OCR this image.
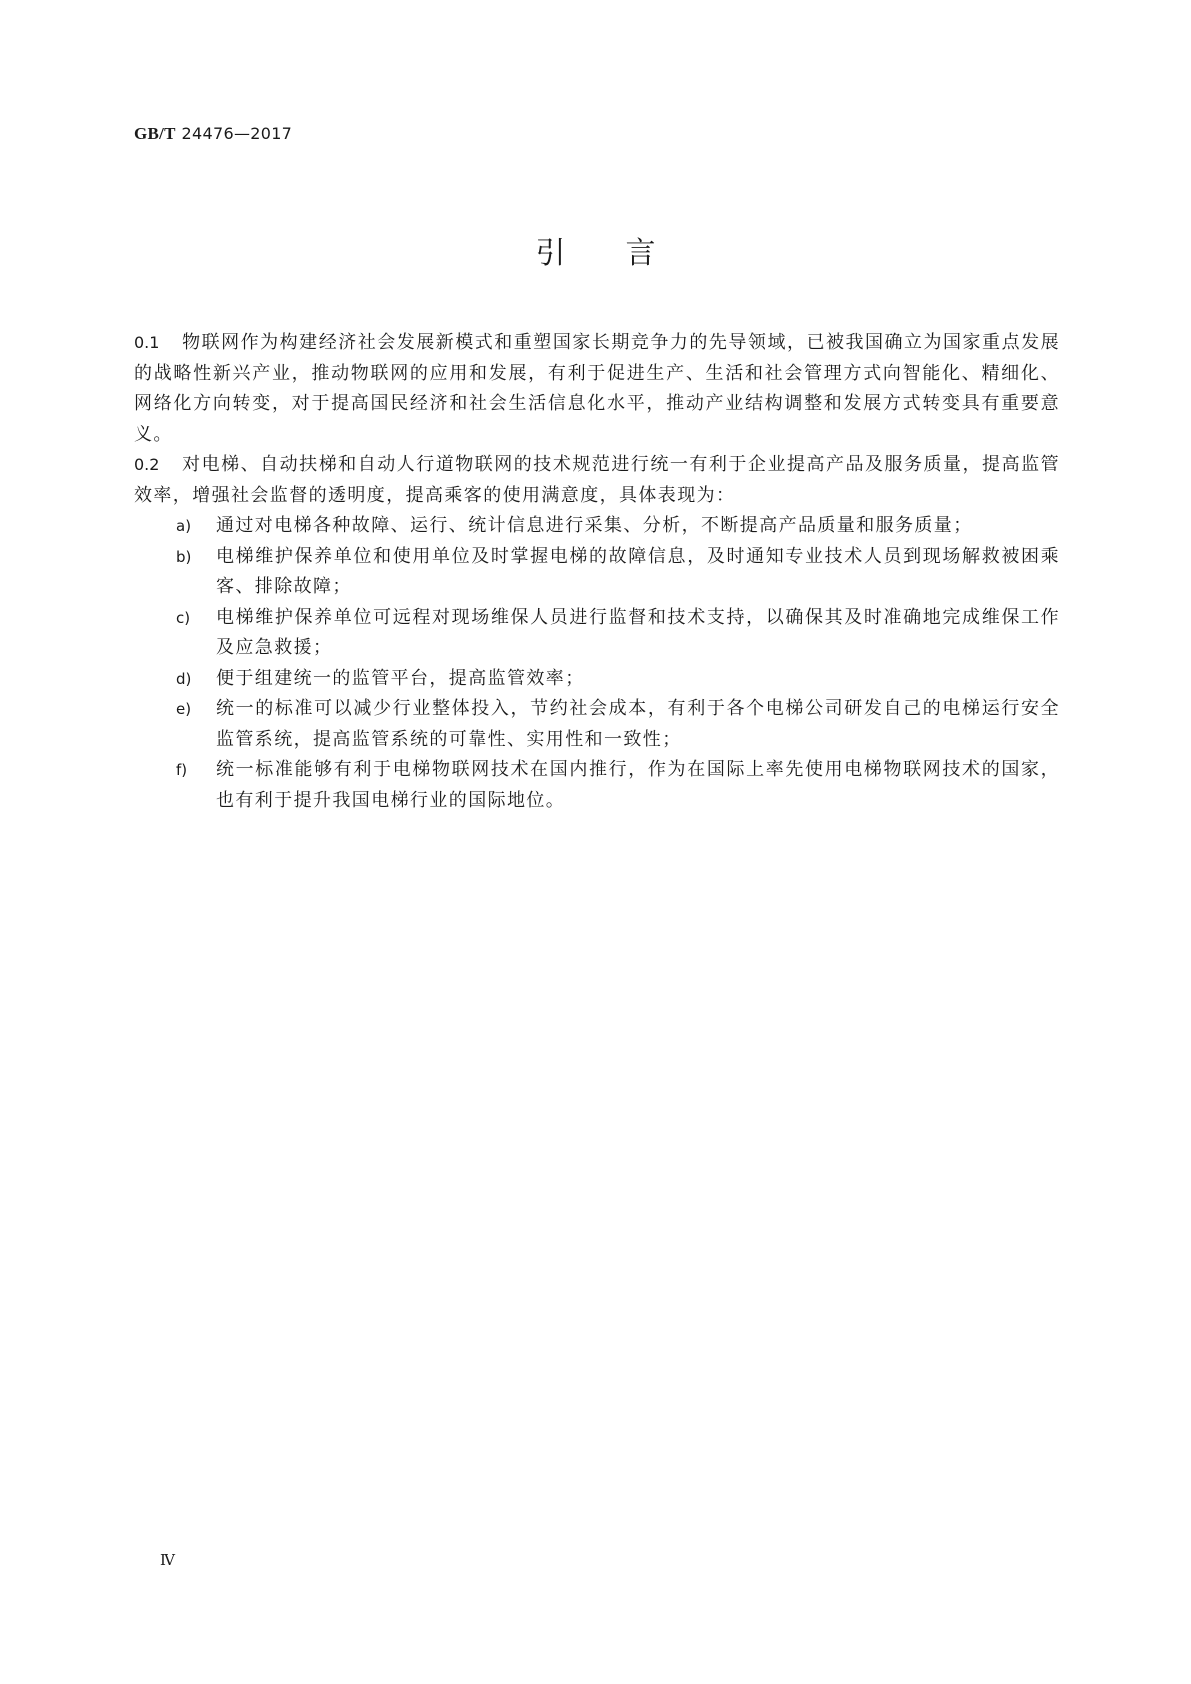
GB/T 24476—2017
引言

0.1 物联网作为构建经济社会发展新模式和重塑国家长期竞争力的先导领域，已被我国确立为国家重点发展的战略性新兴产业，推动物联网的应用和发展，有利于促进生产、生活和社会管理方式向智能化、精细化、网络化方向转变，对于提高国民经济和社会生活信息化水平，推动产业结构调整和发展方式转变具有重要意义。

0.2 对电梯、自动扶梯和自动人行道物联网的技术规范进行统一有利于企业提高产品及服务质量，提高监管效率，增强社会监督的透明度，提高乘客的使用满意度，具体表现为：

a) 通过对电梯各种故障、运行、统计信息进行采集、分析，不断提高产品质量和服务质量；

b) 电梯维护保养单位和使用单位及时掌握电梯的故障信息，及时通知专业技术人员到现场解救被困乘客、排除故障；

c) 电梯维护保养单位可远程对现场维保人员进行监督和技术支持，以确保其及时准确地完成维保工作及应急救援；

d) 便于组建统一的监管平台，提高监管效率；

e) 统一的标准可以减少行业整体投入，节约社会成本，有利于各个电梯公司研发自己的电梯运行安全监管系统，提高监管系统的可靠性、实用性和一致性；

f) 统一标准能够有利于电梯物联网技术在国内推行，作为在国际上率先使用电梯物联网技术的国家，也有利于提升我国电梯行业的国际地位。

Ⅳ
